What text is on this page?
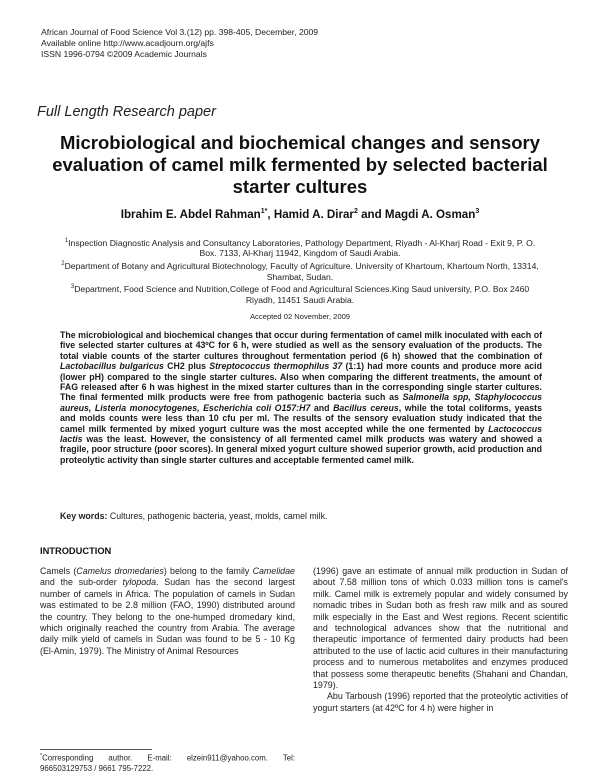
African Journal of Food Science Vol 3.(12) pp. 398-405, December, 2009
Available online http://www.acadjourn.org/ajfs
ISSN 1996-0794 ©2009 Academic Journals
Full Length Research paper
Microbiological and biochemical changes and sensory evaluation of camel milk fermented by selected bacterial starter cultures
Ibrahim E. Abdel Rahman$^{1*}$, Hamid A. Dirar$^2$ and Magdi A. Osman$^3$

$^1$Inspection Diagnostic Analysis and Consultancy Laboratories, Pathology Department, Riyadh - Al-Kharj Road - Exit 9, P. O. Box. 7133, Al-Kharj 11942, Kingdom of Saudi Arabia.

$^2$Department of Botany and Agricultural Biotechnology, Faculty of Agriculture. University of Khartoum, Khartoum North, 13314, Shambat, Sudan.

$^3$Department, Food Science and Nutrition,College of Food and Agricultural Sciences.King Saud university, P.O. Box 2460 Riyadh, 11451 Saudi Arabia.

Accepted 02 November, 2009
The microbiological and biochemical changes that occur during fermentation of camel milk inoculated with each of five selected starter cultures at 43ºC for 6 h, were studied as well as the sensory evaluation of the products. The total viable counts of the starter cultures throughout fermentation period (6 h) showed that the combination of Lactobacillus bulgaricus CH2 plus Streptococcus thermophilus 37 (1:1) had more counts and produce more acid (lower pH) compared to the single starter cultures. Also when comparing the different treatments, the amount of FAG released after 6 h was highest in the mixed starter cultures than in the corresponding single starter cultures. The final fermented milk products were free from pathogenic bacteria such as Salmonella spp, Staphylococcus aureus, Listeria monocytogenes, Escherichia coli O157:H7 and Bacillus cereus, while the total coliforms, yeasts and molds counts were less than 10 cfu per ml. The results of the sensory evaluation study indicated that the camel milk fermented by mixed yogurt culture was the most accepted while the one fermented by Lactococcus lactis was the least. However, the consistency of all fermented camel milk products was watery and showed a fragile, poor structure (poor scores). In general mixed yogurt culture showed superior growth, acid production and proteolytic activity than single starter cultures and acceptable fermented camel milk.
Key words: Cultures, pathogenic bacteria, yeast, molds, camel milk.
INTRODUCTION

Camels (Camelus dromedaries) belong to the family Camelidae and the sub-order tylopoda. Sudan has the second largest number of camels in Africa. The population of camels in Sudan was estimated to be 2.8 million (FAO, 1990) distributed around the country. They belong to the one-humped dromedary kind, which originally reached the country from Arabia. The average daily milk yield of camels in Sudan was found to be 5 - 10 Kg (El-Amin, 1979). The Ministry of Animal Resources

(1996) gave an estimate of annual milk production in Sudan of about 7.58 million tons of which 0.033 million tons is camel's milk. Camel milk is extremely popular and widely consumed by nomadic tribes in Sudan both as fresh raw milk and as soured milk especially in the East and West regions. Recent scientific and technological advances show that the nutritional and therapeutic importance of fermented dairy products had been attributed to the use of lactic acid cultures in their manufacturing process and to numerous metabolites and enzymes produced that possess some therapeutic benefits (Shahani and Chandan, 1979).

Abu Tarboush (1996) reported that the proteolytic activities of yogurt starters (at 42ºC for 4 h) were higher in

*Corresponding author. E-mail: elzein911@yahoo.com. Tel: 966503129753 / 9661 795-7222.
